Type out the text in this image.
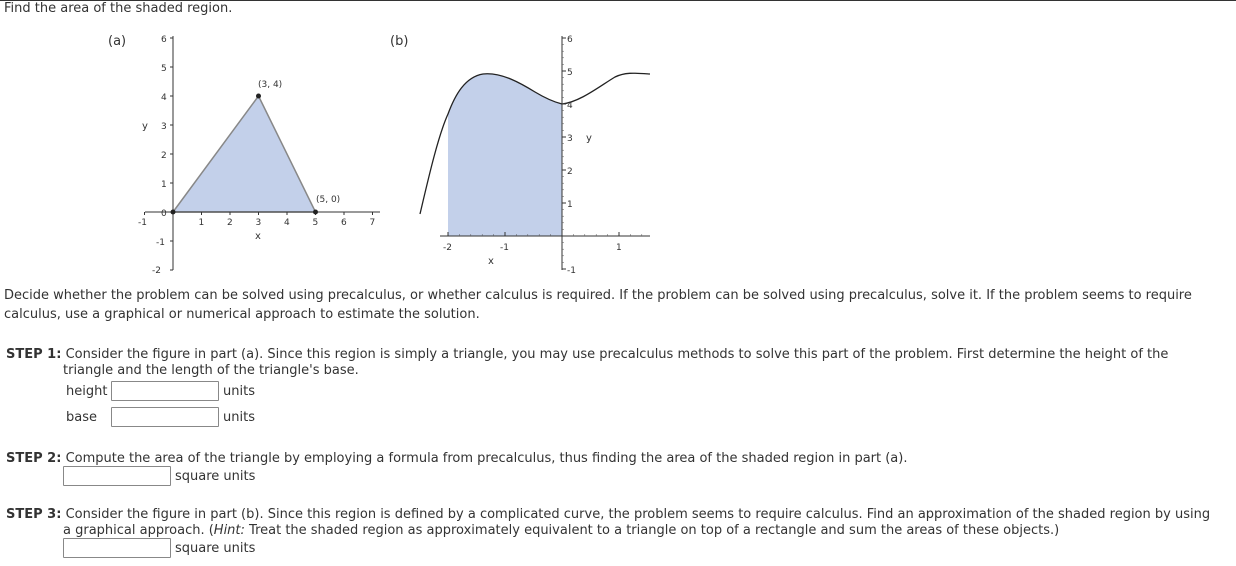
Find the area of the shaded region.
(a)	6
5
4
3
2
1
0
-1
-2
y
-1	1	2	3	4	5	6	7
x
(3, 4)
(5, 0)
(b)	6
5
4
3
2
1
-1
y
-2	-1	1
x
Decide whether the problem can be solved using precalculus, or whether calculus is required. If the problem can be solved using precalculus, solve it. If the problem seems to require calculus, use a graphical or numerical approach to estimate the solution.
STEP 1: Consider the figure in part (a). Since this region is simply a triangle, you may use precalculus methods to solve this part of the problem. First determine the height of the
triangle and the length of the triangle's base.
height	units
base	units
STEP 2: Compute the area of the triangle by employing a formula from precalculus, thus finding the area of the shaded region in part (a).
square units
STEP 3: Consider the figure in part (b). Since this region is defined by a complicated curve, the problem seems to require calculus. Find an approximation of the shaded region by using
a graphical approach. (Hint: Treat the shaded region as approximately equivalent to a triangle on top of a rectangle and sum the areas of these objects.)
square units
